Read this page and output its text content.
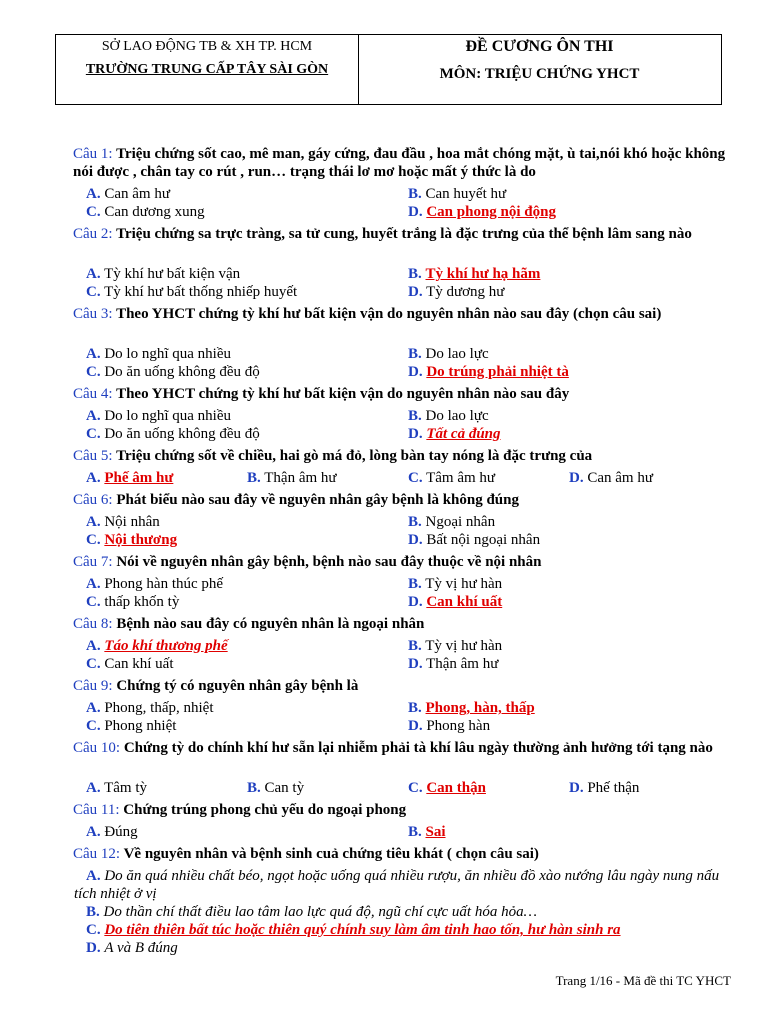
SỞ LAO ĐỘNG TB & XH TP. HCM
TRƯỜNG TRUNG CẤP TÂY SÀI GÒN
ĐỀ CƯƠNG ÔN THI
MÔN: TRIỆU CHỨNG YHCT
Câu 1: Triệu chứng sốt cao, mê man, gáy cứng, đau đầu , hoa mắt chóng mặt, ù tai,nói khó hoặc không nói được , chân tay co rút , run… trạng thái lơ mơ hoặc mất ý thức là do
A. Can âm hư	B. Can huyết hư
C. Can dương xung	D. Can phong nội động
Câu 2: Triệu chứng sa trực tràng, sa tử cung, huyết trắng là đặc trưng của thể bệnh lâm sang nào
A. Tỳ khí hư bất kiện vận	B. Tỳ khí hư hạ hãm
C. Tỳ khí hư bất thống nhiếp huyết	D. Tỳ dương hư
Câu 3: Theo YHCT chứng tỳ khí hư bất kiện vận do nguyên nhân nào sau đây (chọn câu sai)
A. Do lo nghĩ qua nhiều	B. Do lao lực
C. Do ăn uống không đều độ	D. Do trúng phải nhiệt tà
Câu 4: Theo YHCT chứng tỳ khí hư bất kiện vận do nguyên nhân nào sau đây
A. Do lo nghĩ qua nhiều	B. Do lao lực
C. Do ăn uống không đều độ	D. Tất cả đúng
Câu 5: Triệu chứng sốt về chiều, hai gò má đỏ, lòng bàn tay nóng là đặc trưng của
A. Phế âm hư	B. Thận âm hư	C. Tâm âm hư	D. Can âm hư
Câu 6: Phát biểu nào sau đây về nguyên nhân gây bệnh là không đúng
A. Nội nhân	B. Ngoại nhân
C. Nội thương	D. Bất nội ngoại nhân
Câu 7: Nói về nguyên nhân gây bệnh, bệnh nào sau đây thuộc về nội nhân
A. Phong hàn thúc phế	B. Tỳ vị hư hàn
C. thấp khốn tỳ	D. Can khí uất
Câu 8: Bệnh nào sau đây có nguyên nhân là ngoại nhân
A. Táo khí thương phế	B. Tỳ vị hư hàn
C. Can khí uất	D. Thận âm hư
Câu 9: Chứng tý có nguyên nhân gây bệnh là
A. Phong, thấp, nhiệt	B. Phong, hàn, thấp
C. Phong nhiệt	D. Phong hàn
Câu 10: Chứng tỳ do chính khí hư sẵn lại nhiễm phải tà khí lâu ngày thường ảnh hưởng tới tạng nào
A. Tâm tỳ	B. Can tỳ	C. Can thận	D. Phế thận
Câu 11: Chứng trúng phong chủ yếu do ngoại phong
A. Đúng	B. Sai
Câu 12: Về nguyên nhân và bệnh sinh cuả chứng tiêu khát ( chọn câu sai)
A. Do ăn quá nhiều chất béo, ngọt hoặc uống quá nhiều rượu, ăn nhiều đồ xào nướng lâu ngày nung nấu tích nhiệt ở vị
B. Do thần chí thất điều lao tâm lao lực quá độ, ngũ chí cực uất hóa hỏa…
C. Do tiên thiên bất túc hoặc thiên quý chính suy làm âm tinh hao tốn, hư hàn sinh ra
D. A và B đúng
Trang 1/16 - Mã đề thi TC YHCT
